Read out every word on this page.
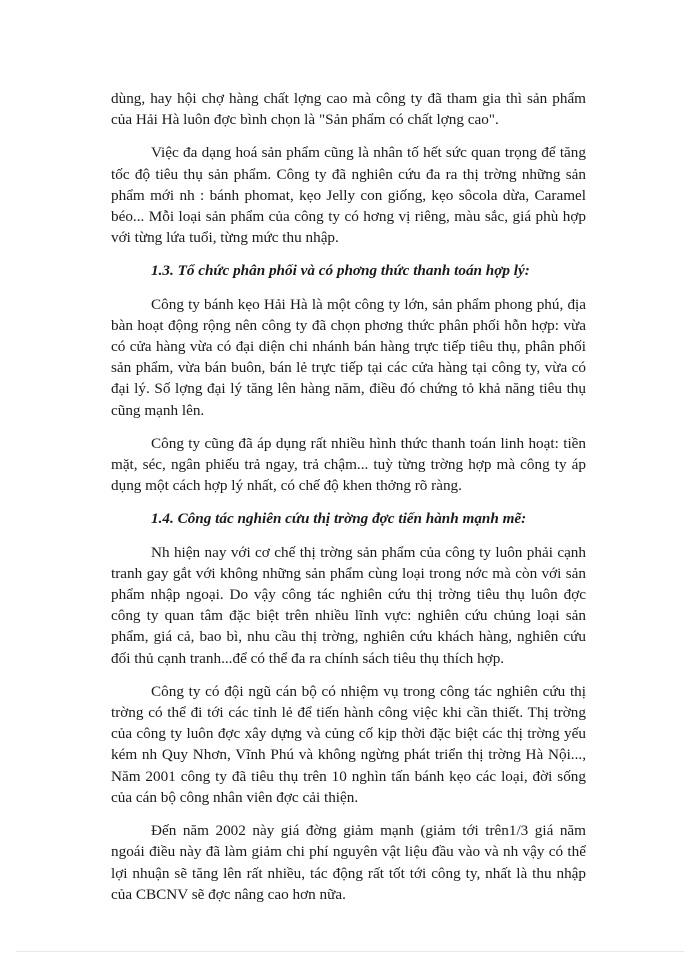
dùng, hay hội chợ hàng chất lợng cao mà công ty đã tham gia thì sản phẩm của Hải Hà luôn đợc bình chọn là "Sản phẩm có chất lợng cao".

Việc đa dạng hoá sản phẩm cũng là nhân tố hết sức quan trọng để tăng tốc độ tiêu thụ sản phẩm. Công ty đã nghiên cứu đa ra thị trờng những sản phẩm mới nh : bánh phomat, kẹo Jelly con giống, kẹo sôcola dừa, Caramel béo... Mỗi loại sản phẩm của công ty có hơng vị riêng, màu sắc, giá phù hợp với từng lứa tuổi, từng mức thu nhập.

1.3. Tổ chức phân phối và có phơng thức thanh toán hợp lý:

Công ty bánh kẹo Hải Hà là một công ty lớn, sản phẩm phong phú, địa bàn hoạt động rộng nên công ty đã chọn phơng thức phân phối hỗn hợp: vừa có cửa hàng vừa có đại diện chi nhánh bán hàng trực tiếp tiêu thụ, phân phối sản phẩm, vừa bán buôn, bán lẻ trực tiếp tại các cửa hàng tại công ty, vừa có đại lý. Số lợng đại lý tăng lên hàng năm, điều đó chứng tỏ khả năng tiêu thụ cũng mạnh lên.

Công ty cũng đã áp dụng rất nhiều hình thức thanh toán linh hoạt: tiền mặt, séc, ngân phiếu trả ngay, trả chậm... tuỳ từng trờng hợp mà công ty áp dụng một cách hợp lý nhất, có chế độ khen thởng rõ ràng.

1.4. Công tác nghiên cứu thị trờng đợc tiến hành mạnh mẽ:

Nh hiện nay với cơ chế thị trờng sản phẩm của công ty luôn phải cạnh tranh gay gắt với không những sản phẩm cùng loại trong nớc mà còn với sản phẩm nhập ngoại. Do vậy công tác nghiên cứu thị trờng tiêu thụ luôn đợc công ty quan tâm đặc biệt trên nhiều lĩnh vực: nghiên cứu chủng loại sản phẩm, giá cả, bao bì, nhu cầu thị trờng, nghiên cứu khách hàng, nghiên cứu đối thủ cạnh tranh...để có thể đa ra chính sách tiêu thụ thích hợp.

Công ty có đội ngũ cán bộ có nhiệm vụ trong công tác nghiên cứu thị trờng có thể đi tới các tỉnh lẻ để tiến hành công việc khi cần thiết. Thị trờng của công ty luôn đợc xây dựng và củng cố kịp thời đặc biệt các thị trờng yếu kém nh Quy Nhơn, Vĩnh Phú và không ngừng phát triển thị trờng Hà Nội..., Năm 2001 công ty đã tiêu thụ trên 10 nghìn tấn bánh kẹo các loại, đời sống của cán bộ công nhân viên đợc cải thiện.

Đến năm 2002 này giá đờng giảm mạnh (giảm tới trên1/3 giá năm ngoái điều này đã làm giảm chi phí nguyên vật liệu đầu vào và nh vậy có thể lợi nhuận sẽ tăng lên rất nhiều, tác động rất tốt tới công ty, nhất là thu nhập của CBCNV sẽ đợc nâng cao hơn nữa.
